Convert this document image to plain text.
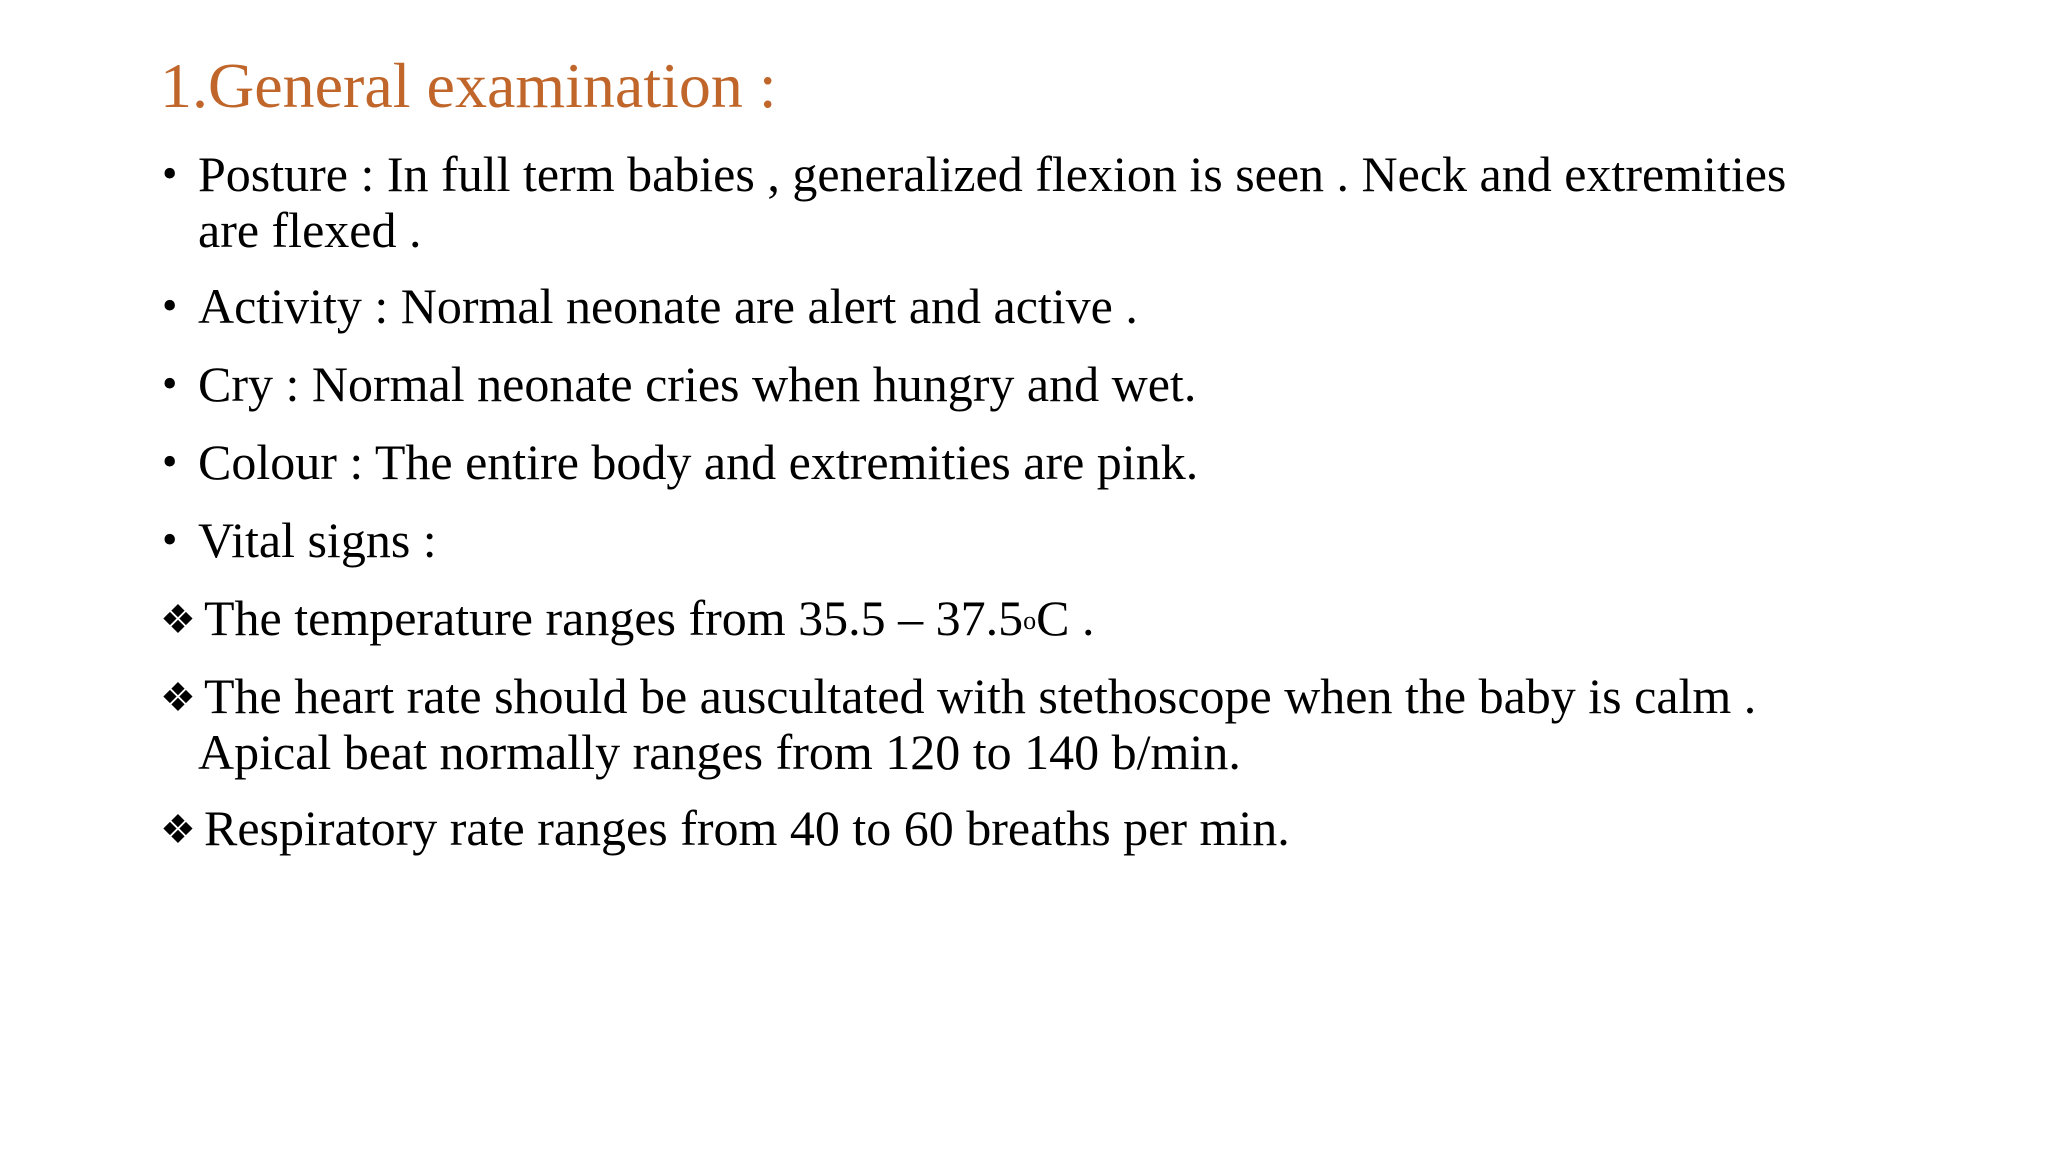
1.General examination :
• Posture : In full term babies , generalized flexion is seen . Neck and extremities
are flexed .
• Activity : Normal neonate are alert and active .
• Cry : Normal neonate cries when hungry and wet.
• Colour : The entire body and extremities are pink.
• Vital signs :
❖ The temperature ranges from 35.5 – 37.5$^o$C .
❖ The heart rate should be auscultated with stethoscope when the baby is calm .
Apical beat normally ranges from 120 to 140 b/min.
❖ Respiratory rate ranges from 40 to 60 breaths per min.
